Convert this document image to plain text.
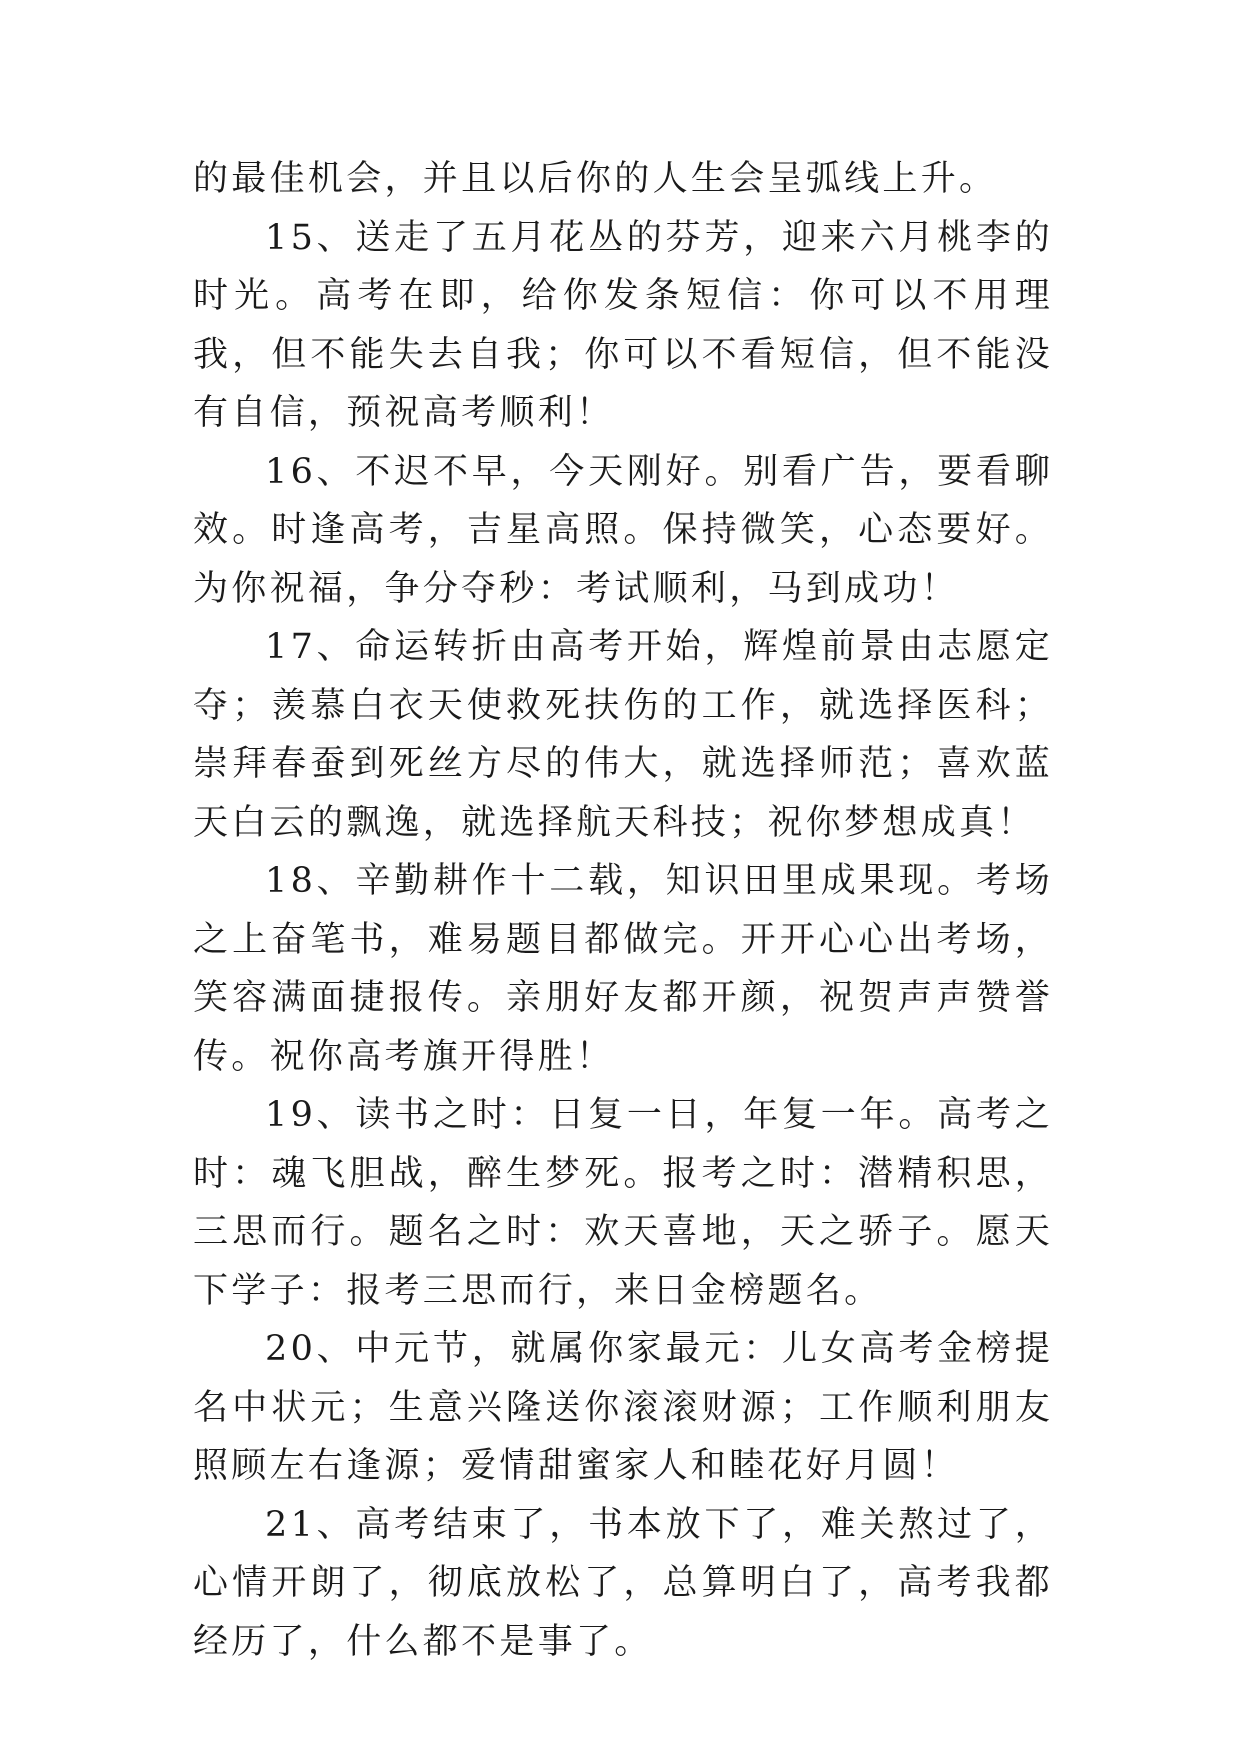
的最佳机会，并且以后你的人生会呈弧线上升。

15、送走了五月花丛的芬芳，迎来六月桃李的时光。高考在即，给你发条短信：你可以不用理我，但不能失去自我；你可以不看短信，但不能没有自信，预祝高考顺利！

16、不迟不早，今天刚好。别看广告，要看聊效。时逢高考，吉星高照。保持微笑，心态要好。为你祝福，争分夺秒：考试顺利，马到成功！

17、命运转折由高考开始，辉煌前景由志愿定夺；羡慕白衣天使救死扶伤的工作，就选择医科；崇拜春蚕到死丝方尽的伟大，就选择师范；喜欢蓝天白云的飘逸，就选择航天科技；祝你梦想成真！

18、辛勤耕作十二载，知识田里成果现。考场之上奋笔书，难易题目都做完。开开心心出考场，笑容满面捷报传。亲朋好友都开颜，祝贺声声赞誉传。祝你高考旗开得胜！

19、读书之时：日复一日，年复一年。高考之时：魂飞胆战，醉生梦死。报考之时：潜精积思，三思而行。题名之时：欢天喜地，天之骄子。愿天下学子：报考三思而行，来日金榜题名。

20、中元节，就属你家最元：儿女高考金榜提名中状元；生意兴隆送你滚滚财源；工作顺利朋友照顾左右逢源；爱情甜蜜家人和睦花好月圆！

21、高考结束了，书本放下了，难关熬过了，心情开朗了，彻底放松了，总算明白了，高考我都经历了，什么都不是事了。
